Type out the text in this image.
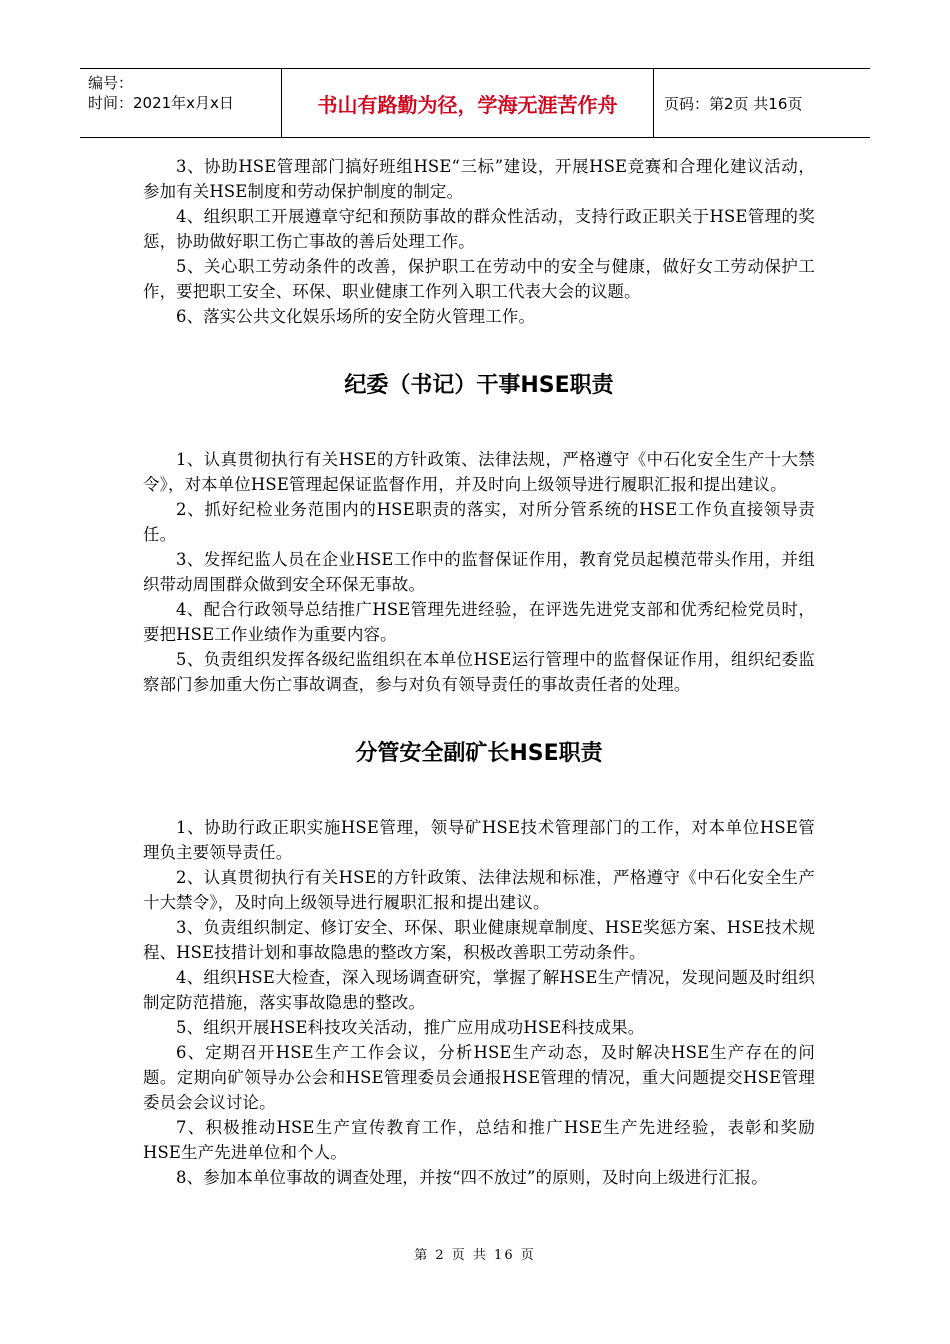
编号：
时间：2021年x月x日	书山有路勤为径，学海无涯苦作舟	页码：第2页 共16页

3、协助HSE管理部门搞好班组HSE“三标”建设，开展HSE竞赛和合理化建议活动，参加有关HSE制度和劳动保护制度的制定。

4、组织职工开展遵章守纪和预防事故的群众性活动，支持行政正职关于HSE管理的奖惩，协助做好职工伤亡事故的善后处理工作。

5、关心职工劳动条件的改善，保护职工在劳动中的安全与健康，做好女工劳动保护工作，要把职工安全、环保、职业健康工作列入职工代表大会的议题。

6、落实公共文化娱乐场所的安全防火管理工作。

纪委（书记）干事HSE职责

1、认真贯彻执行有关HSE的方针政策、法律法规，严格遵守《中石化安全生产十大禁令》，对本单位HSE管理起保证监督作用，并及时向上级领导进行履职汇报和提出建议。

2、抓好纪检业务范围内的HSE职责的落实，对所分管系统的HSE工作负直接领导责任。

3、发挥纪监人员在企业HSE工作中的监督保证作用，教育党员起模范带头作用，并组织带动周围群众做到安全环保无事故。

4、配合行政领导总结推广HSE管理先进经验，在评选先进党支部和优秀纪检党员时，要把HSE工作业绩作为重要内容。

5、负责组织发挥各级纪监组织在本单位HSE运行管理中的监督保证作用，组织纪委监察部门参加重大伤亡事故调查，参与对负有领导责任的事故责任者的处理。

分管安全副矿长HSE职责

1、协助行政正职实施HSE管理，领导矿HSE技术管理部门的工作，对本单位HSE管理负主要领导责任。

2、认真贯彻执行有关HSE的方针政策、法律法规和标准，严格遵守《中石化安全生产十大禁令》，及时向上级领导进行履职汇报和提出建议。

3、负责组织制定、修订安全、环保、职业健康规章制度、HSE奖惩方案、HSE技术规程、HSE技措计划和事故隐患的整改方案，积极改善职工劳动条件。

4、组织HSE大检查，深入现场调查研究，掌握了解HSE生产情况，发现问题及时组织制定防范措施，落实事故隐患的整改。

5、组织开展HSE科技攻关活动，推广应用成功HSE科技成果。

6、定期召开HSE生产工作会议，分析HSE生产动态，及时解决HSE生产存在的问题。定期向矿领导办公会和HSE管理委员会通报HSE管理的情况，重大问题提交HSE管理委员会会议讨论。

7、积极推动HSE生产宣传教育工作，总结和推广HSE生产先进经验，表彰和奖励HSE生产先进单位和个人。

8、参加本单位事故的调查处理，并按“四不放过”的原则，及时向上级进行汇报。

第 2 页 共 16 页
